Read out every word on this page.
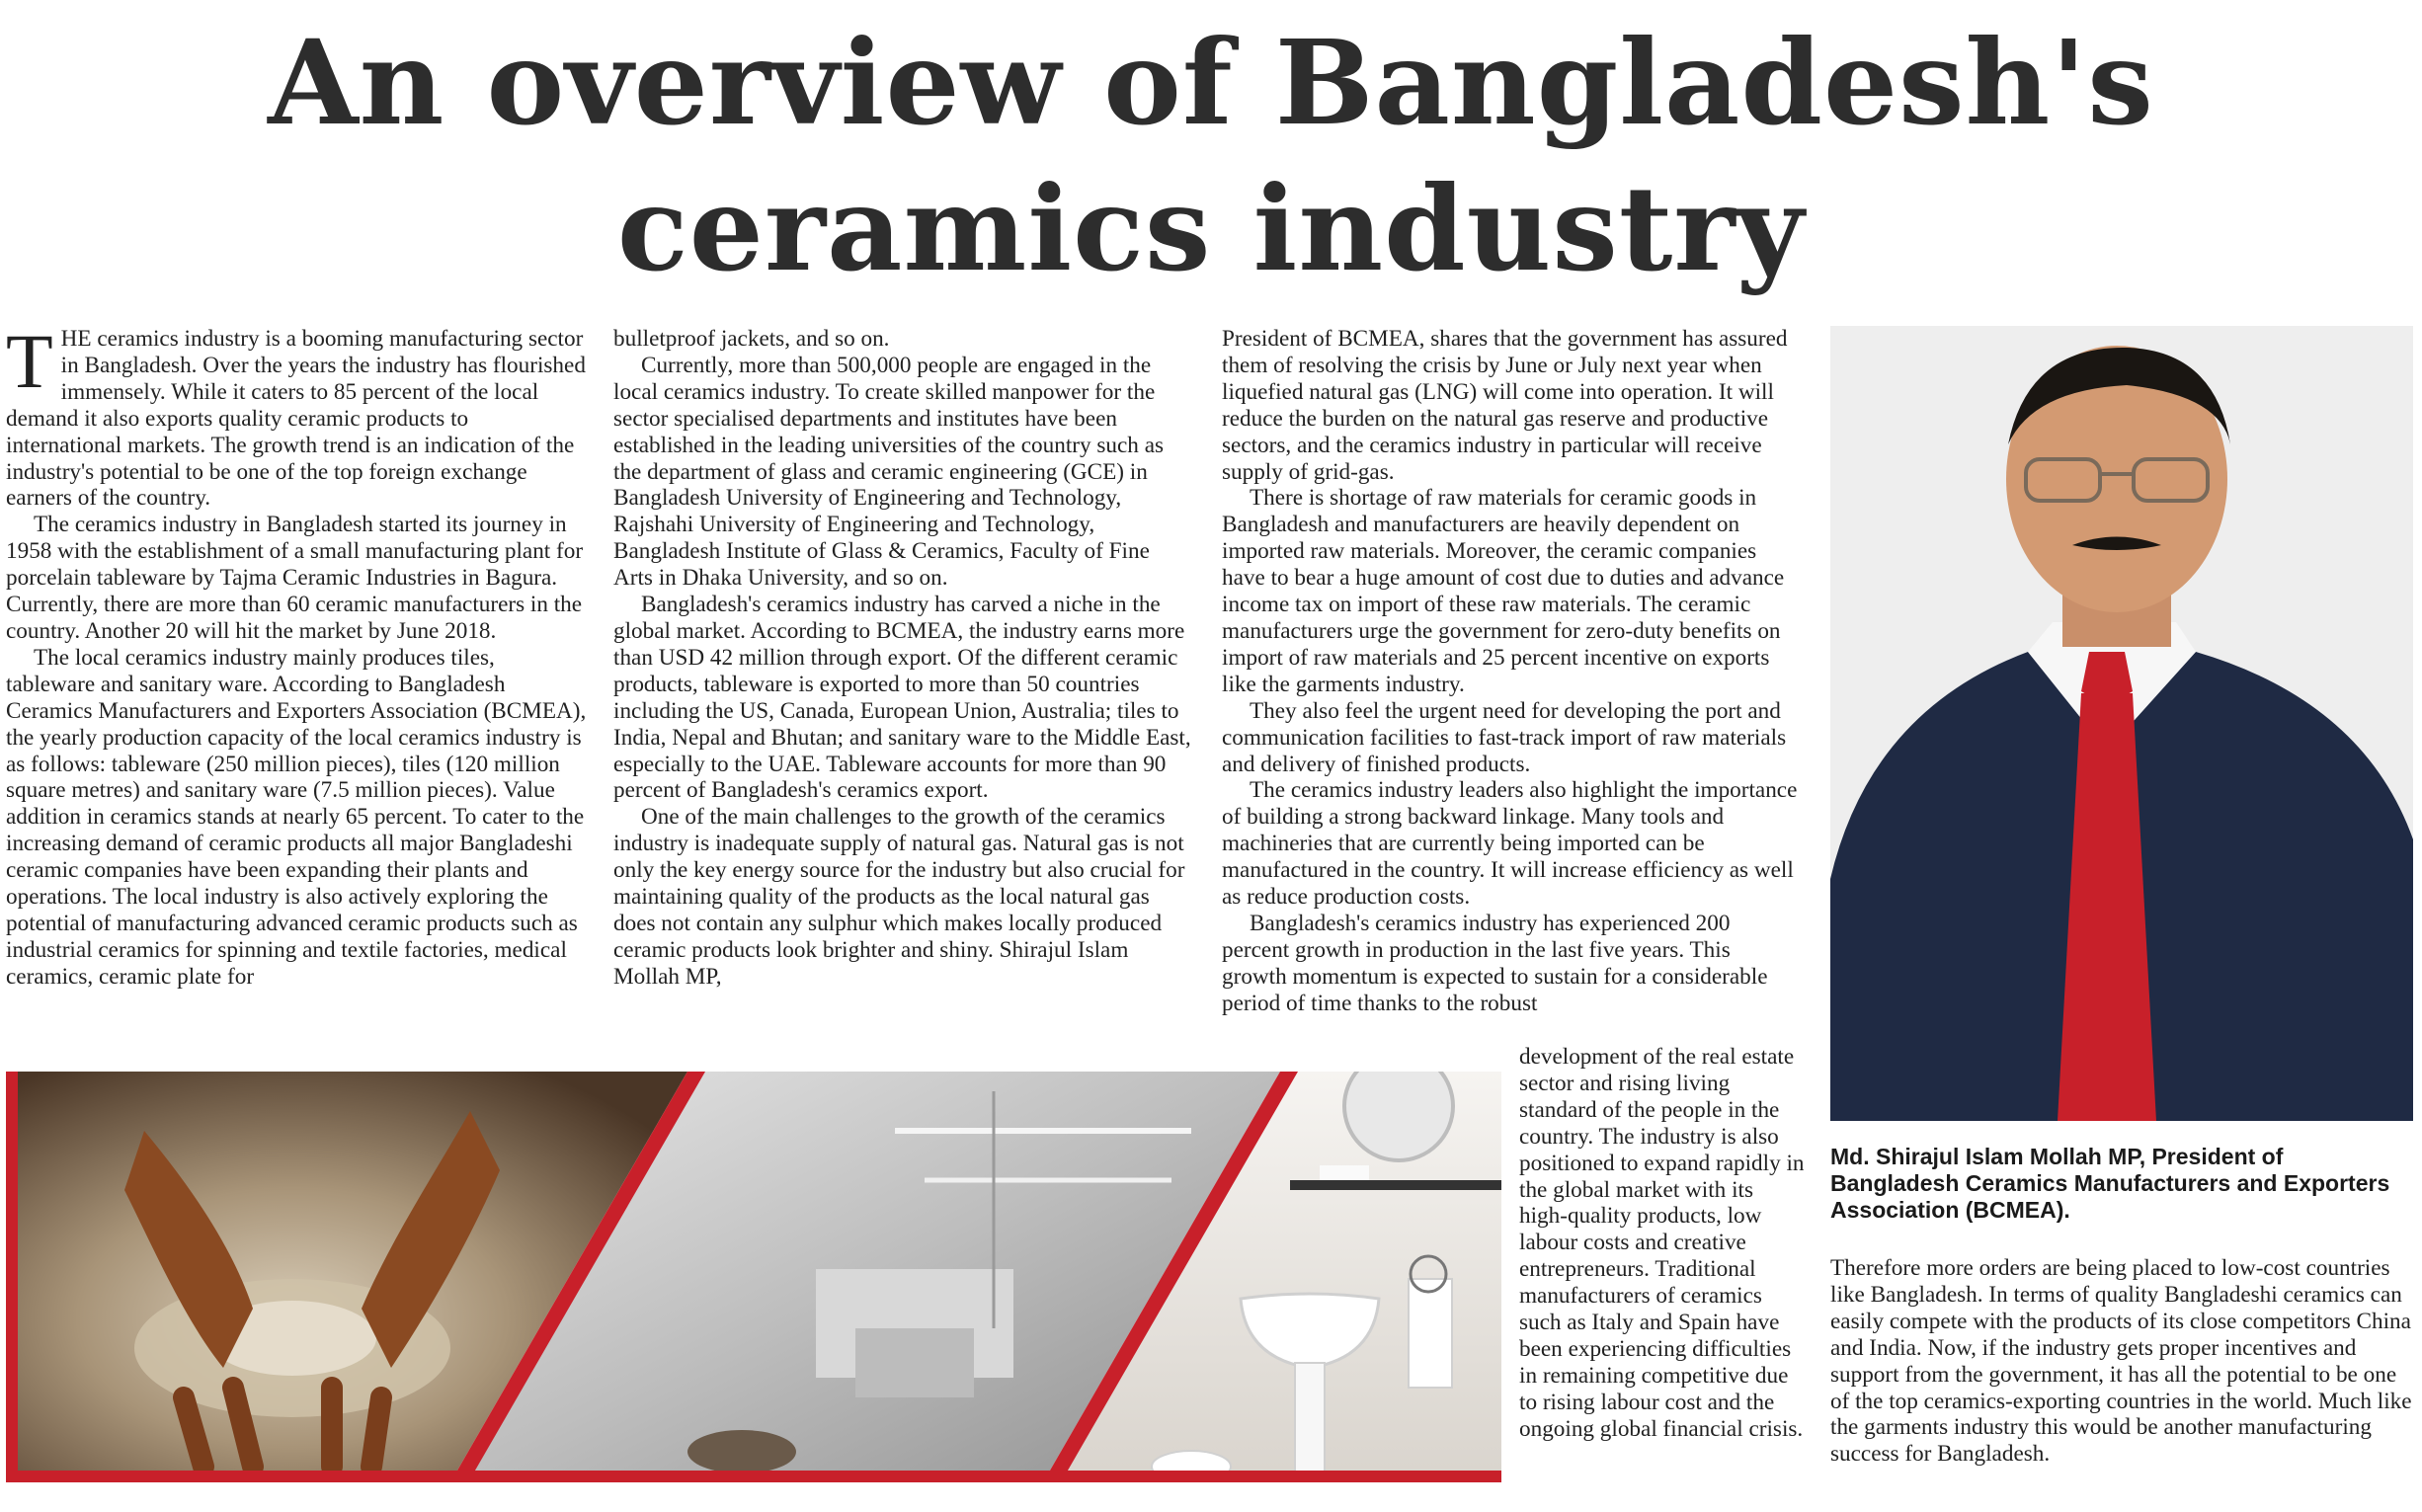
An overview of Bangladesh's
ceramics industry

THE ceramics industry is a booming manufacturing sector in Bangladesh. Over the years the industry has flourished immensely. While it caters to 85 percent of the local demand it also exports quality ceramic products to international markets. The growth trend is an indication of the industry's potential to be one of the top foreign exchange earners of the country.

The ceramics industry in Bangladesh started its journey in 1958 with the establishment of a small manufacturing plant for porcelain tableware by Tajma Ceramic Industries in Bagura. Currently, there are more than 60 ceramic manufacturers in the country. Another 20 will hit the market by June 2018.

The local ceramics industry mainly produces tiles, tableware and sanitary ware. According to Bangladesh Ceramics Manufacturers and Exporters Association (BCMEA), the yearly production capacity of the local ceramics industry is as follows: tableware (250 million pieces), tiles (120 million square metres) and sanitary ware (7.5 million pieces). Value addition in ceramics stands at nearly 65 percent. To cater to the increasing demand of ceramic products all major Bangladeshi ceramic companies have been expanding their plants and operations. The local industry is also actively exploring the potential of manufacturing advanced ceramic products such as industrial ceramics for spinning and textile factories, medical ceramics, ceramic plate for

bulletproof jackets, and so on.

Currently, more than 500,000 people are engaged in the local ceramics industry. To create skilled manpower for the sector specialised departments and institutes have been established in the leading universities of the country such as the department of glass and ceramic engineering (GCE) in Bangladesh University of Engineering and Technology, Rajshahi University of Engineering and Technology, Bangladesh Institute of Glass & Ceramics, Faculty of Fine Arts in Dhaka University, and so on.

Bangladesh's ceramics industry has carved a niche in the global market. According to BCMEA, the industry earns more than USD 42 million through export. Of the different ceramic products, tableware is exported to more than 50 countries including the US, Canada, European Union, Australia; tiles to India, Nepal and Bhutan; and sanitary ware to the Middle East, especially to the UAE. Tableware accounts for more than 90 percent of Bangladesh's ceramics export.

One of the main challenges to the growth of the ceramics industry is inadequate supply of natural gas. Natural gas is not only the key energy source for the industry but also crucial for maintaining quality of the products as the local natural gas does not contain any sulphur which makes locally produced ceramic products look brighter and shiny. Shirajul Islam Mollah MP,

President of BCMEA, shares that the government has assured them of resolving the crisis by June or July next year when liquefied natural gas (LNG) will come into operation. It will reduce the burden on the natural gas reserve and productive sectors, and the ceramics industry in particular will receive supply of grid-gas.

There is shortage of raw materials for ceramic goods in Bangladesh and manufacturers are heavily dependent on imported raw materials. Moreover, the ceramic companies have to bear a huge amount of cost due to duties and advance income tax on import of these raw materials. The ceramic manufacturers urge the government for zero-duty benefits on import of raw materials and 25 percent incentive on exports like the garments industry.

They also feel the urgent need for developing the port and communication facilities to fast-track import of raw materials and delivery of finished products.

The ceramics industry leaders also highlight the importance of building a strong backward linkage. Many tools and machineries that are currently being imported can be manufactured in the country. It will increase efficiency as well as reduce production costs.

Bangladesh's ceramics industry has experienced 200 percent growth in production in the last five years. This growth momentum is expected to sustain for a considerable period of time thanks to the robust

development of the real estate sector and rising living standard of the people in the country. The industry is also positioned to expand rapidly in the global market with its high-quality products, low labour costs and creative entrepreneurs. Traditional manufacturers of ceramics such as Italy and Spain have been experiencing difficulties in remaining competitive due to rising labour cost and the ongoing global financial crisis.

Md. Shirajul Islam Mollah MP, President of Bangladesh Ceramics Manufacturers and Exporters Association (BCMEA).

Therefore more orders are being placed to low-cost countries like Bangladesh. In terms of quality Bangladeshi ceramics can easily compete with the products of its close competitors China and India. Now, if the industry gets proper incentives and support from the government, it has all the potential to be one of the top ceramics-exporting countries in the world. Much like the garments industry this would be another manufacturing success for Bangladesh.
